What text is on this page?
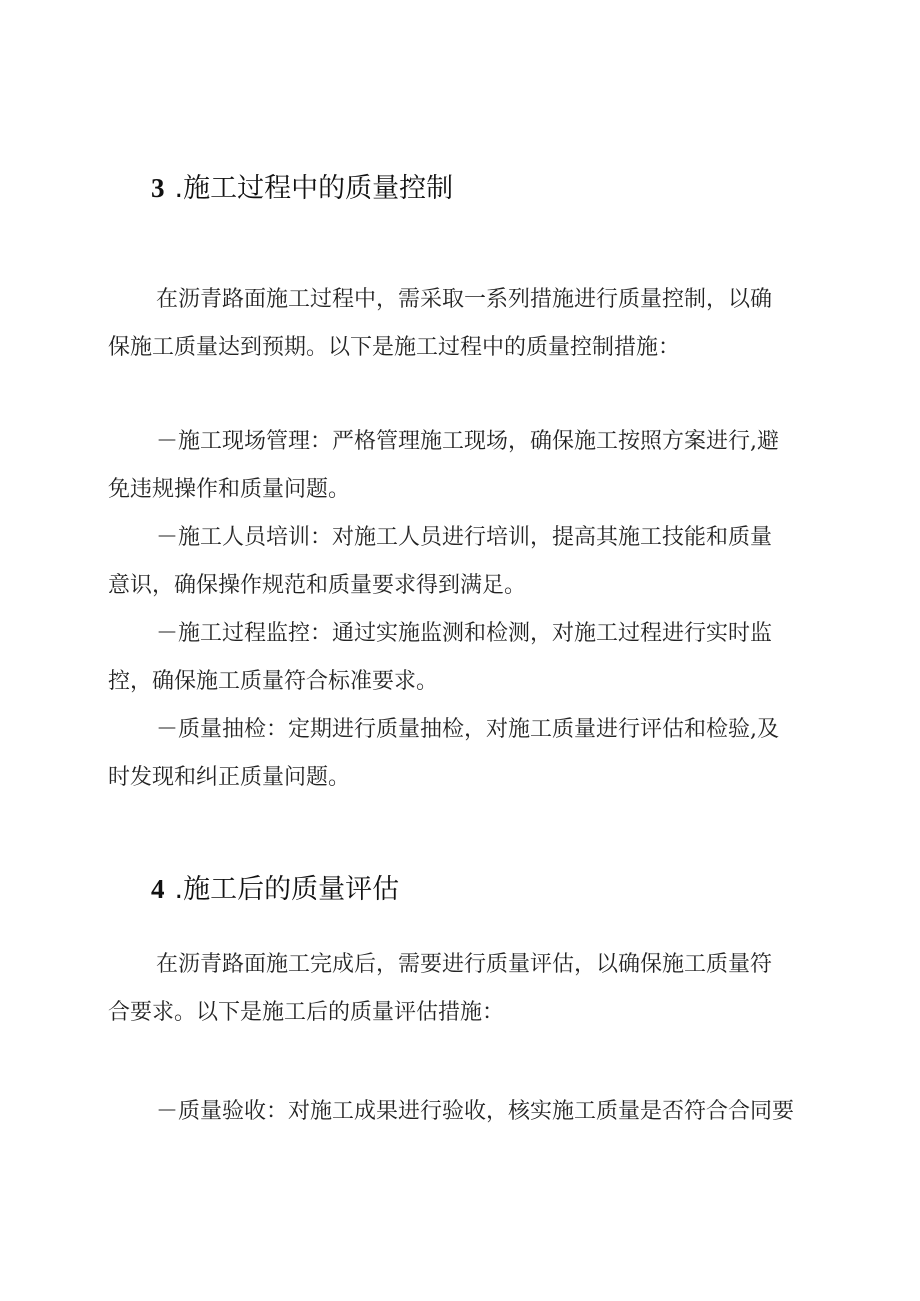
3 .施工过程中的质量控制

在沥青路面施工过程中，需采取一系列措施进行质量控制，以确
保施工质量达到预期。以下是施工过程中的质量控制措施：

－施工现场管理：严格管理施工现场，确保施工按照方案进行,避
免违规操作和质量问题。

－施工人员培训：对施工人员进行培训，提高其施工技能和质量
意识，确保操作规范和质量要求得到满足。

－施工过程监控：通过实施监测和检测，对施工过程进行实时监
控，确保施工质量符合标准要求。

－质量抽检：定期进行质量抽检，对施工质量进行评估和检验,及
时发现和纠正质量问题。

4 .施工后的质量评估

在沥青路面施工完成后，需要进行质量评估，以确保施工质量符
合要求。以下是施工后的质量评估措施：

－质量验收：对施工成果进行验收，核实施工质量是否符合合同要
